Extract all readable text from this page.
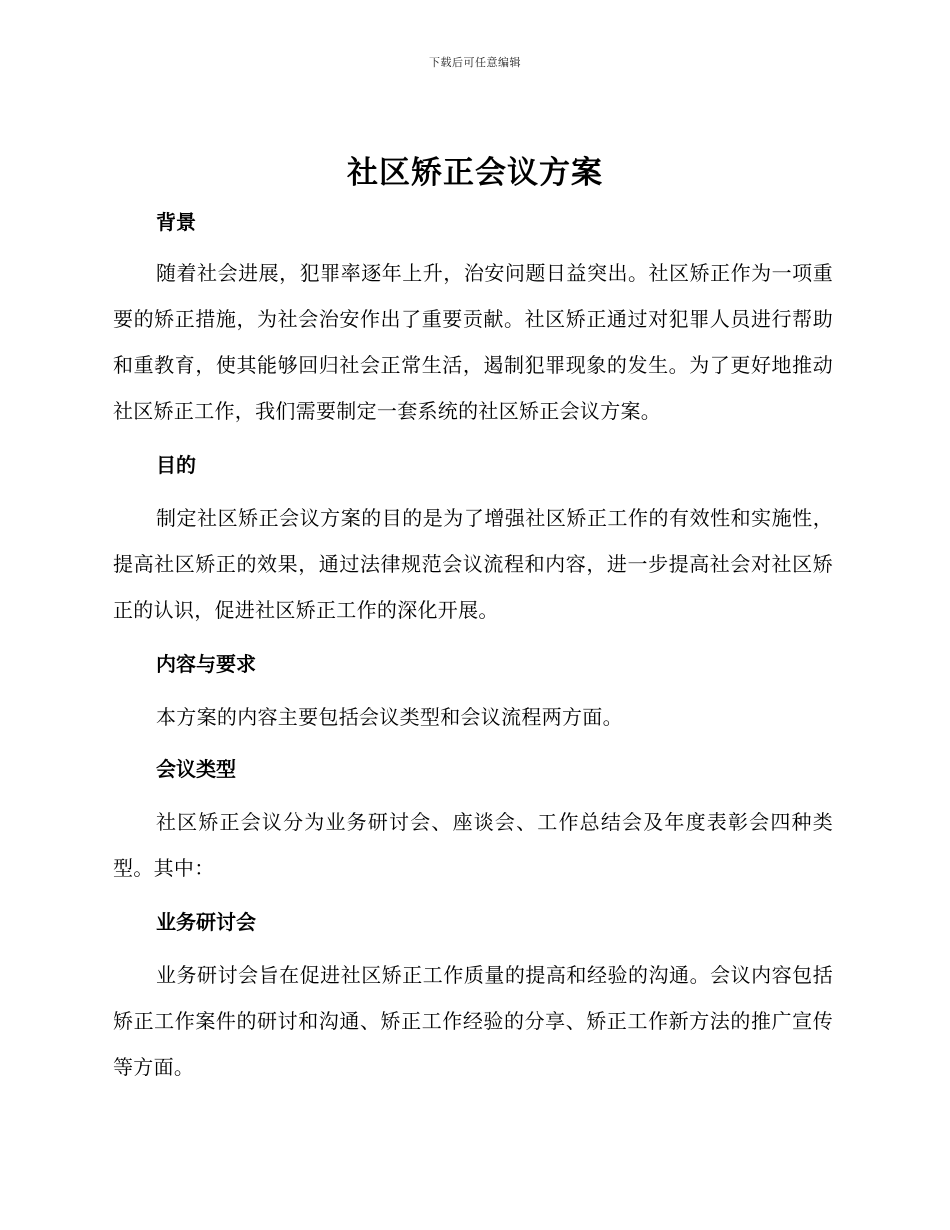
下载后可任意编辑
社区矫正会议方案
背景

随着社会进展，犯罪率逐年上升，治安问题日益突出。社区矫正作为一项重要的矫正措施，为社会治安作出了重要贡献。社区矫正通过对犯罪人员进行帮助和重教育，使其能够回归社会正常生活，遏制犯罪现象的发生。为了更好地推动社区矫正工作，我们需要制定一套系统的社区矫正会议方案。

目的

制定社区矫正会议方案的目的是为了增强社区矫正工作的有效性和实施性，提高社区矫正的效果，通过法律规范会议流程和内容，进一步提高社会对社区矫正的认识，促进社区矫正工作的深化开展。

内容与要求

本方案的内容主要包括会议类型和会议流程两方面。

会议类型

社区矫正会议分为业务研讨会、座谈会、工作总结会及年度表彰会四种类型。其中：

业务研讨会

业务研讨会旨在促进社区矫正工作质量的提高和经验的沟通。会议内容包括矫正工作案件的研讨和沟通、矫正工作经验的分享、矫正工作新方法的推广宣传等方面。
